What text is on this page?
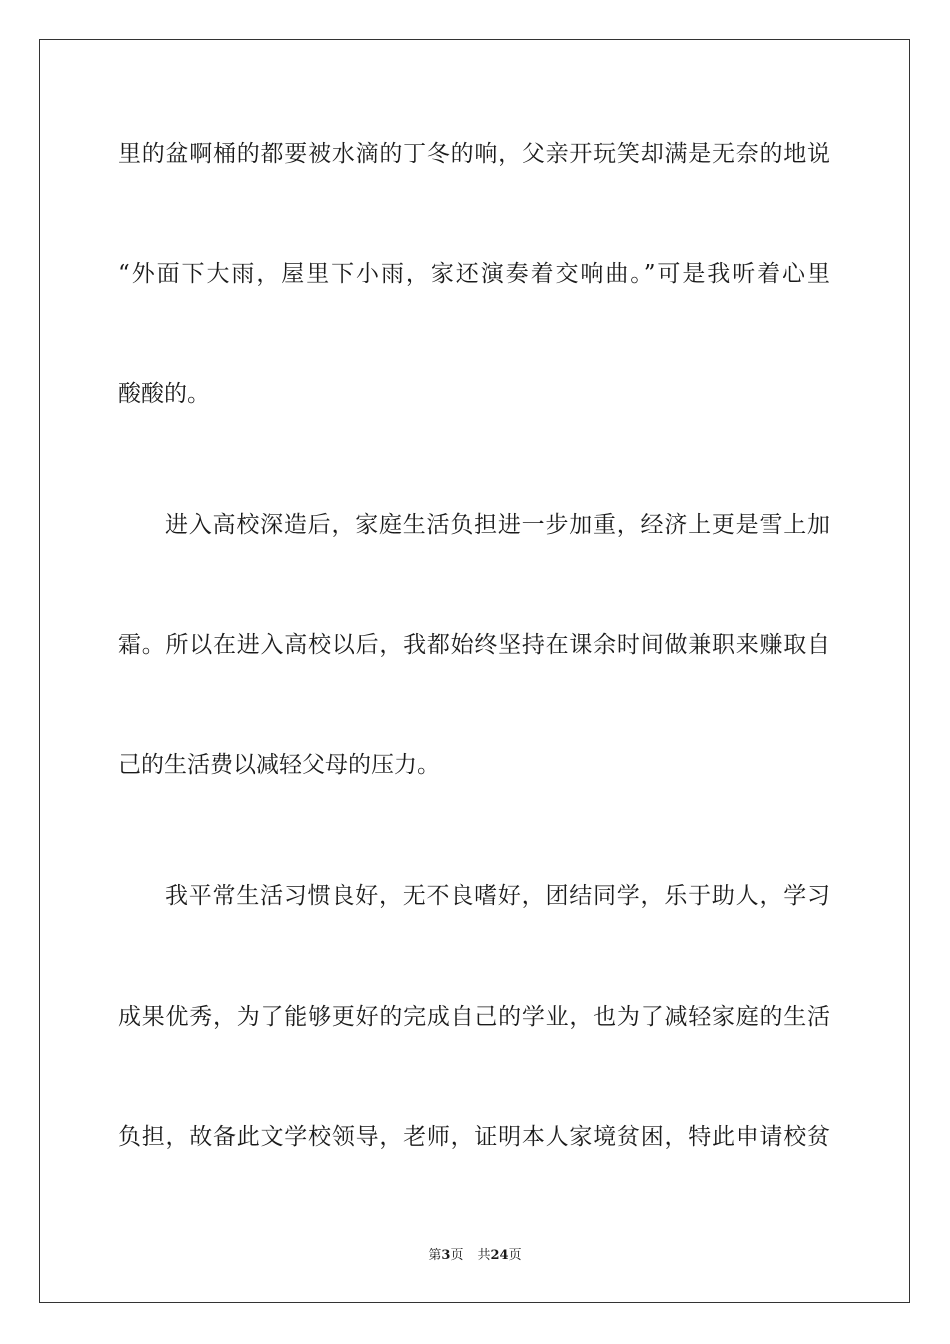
里的盆啊桶的都要被水滴的丁冬的响，父亲开玩笑却满是无奈的地说
“外面下大雨，屋里下小雨，家还演奏着交响曲。”可是我听着心里
酸酸的。
进入高校深造后，家庭生活负担进一步加重，经济上更是雪上加
霜。所以在进入高校以后，我都始终坚持在课余时间做兼职来赚取自
己的生活费以减轻父母的压力。
我平常生活习惯良好，无不良嗜好，团结同学，乐于助人，学习
成果优秀，为了能够更好的完成自己的学业，也为了减轻家庭的生活
负担，故备此文学校领导，老师，证明本人家境贫困，特此申请校贫
第3页 共24页
